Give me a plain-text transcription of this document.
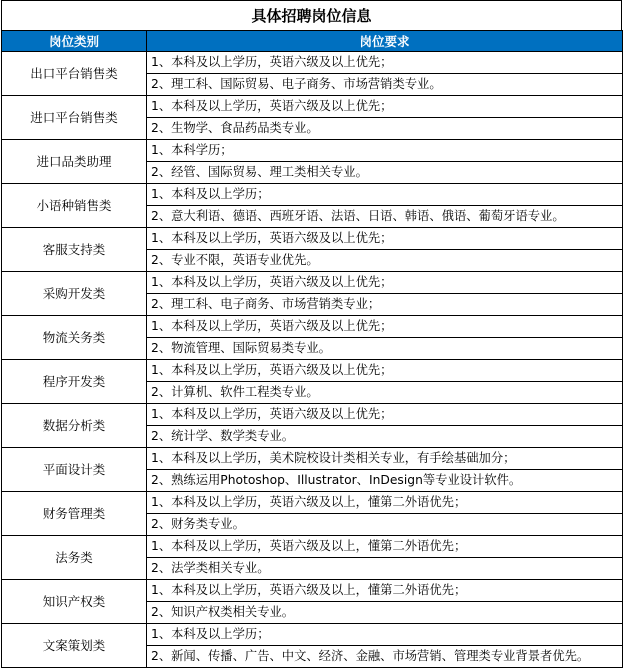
具体招聘岗位信息
岗位类别	岗位要求
出口平台销售类	1、本科及以上学历，英语六级及以上优先；
	2、理工科、国际贸易、电子商务、市场营销类专业。
进口平台销售类	1、本科及以上学历，英语六级及以上优先；
	2、生物学、食品药品类专业。
进口品类助理	1、本科学历；
	2、经管、国际贸易、理工类相关专业。
小语种销售类	1、本科及以上学历；
	2、意大利语、德语、西班牙语、法语、日语、韩语、俄语、葡萄牙语专业。
客服支持类	1、本科及以上学历，英语六级及以上优先；
	2、专业不限，英语专业优先。
采购开发类	1、本科及以上学历，英语六级及以上优先；
	2、理工科、电子商务、市场营销类专业；
物流关务类	1、本科及以上学历，英语六级及以上优先；
	2、物流管理、国际贸易类专业。
程序开发类	1、本科及以上学历，英语六级及以上优先；
	2、计算机、软件工程类专业。
数据分析类	1、本科及以上学历，英语六级及以上优先；
	2、统计学、数学类专业。
平面设计类	1、本科及以上学历，美术院校设计类相关专业，有手绘基础加分；
	2、熟练运用Photoshop、Illustrator、InDesign等专业设计软件。
财务管理类	1、本科及以上学历，英语六级及以上，懂第二外语优先；
	2、财务类专业。
法务类	1、本科及以上学历，英语六级及以上，懂第二外语优先；
	2、法学类相关专业。
知识产权类	1、本科及以上学历，英语六级及以上，懂第二外语优先；
	2、知识产权类相关专业。
文案策划类	1、本科及以上学历；
	2、新闻、传播、广告、中文、经济、金融、市场营销、管理类专业背景者优先。
